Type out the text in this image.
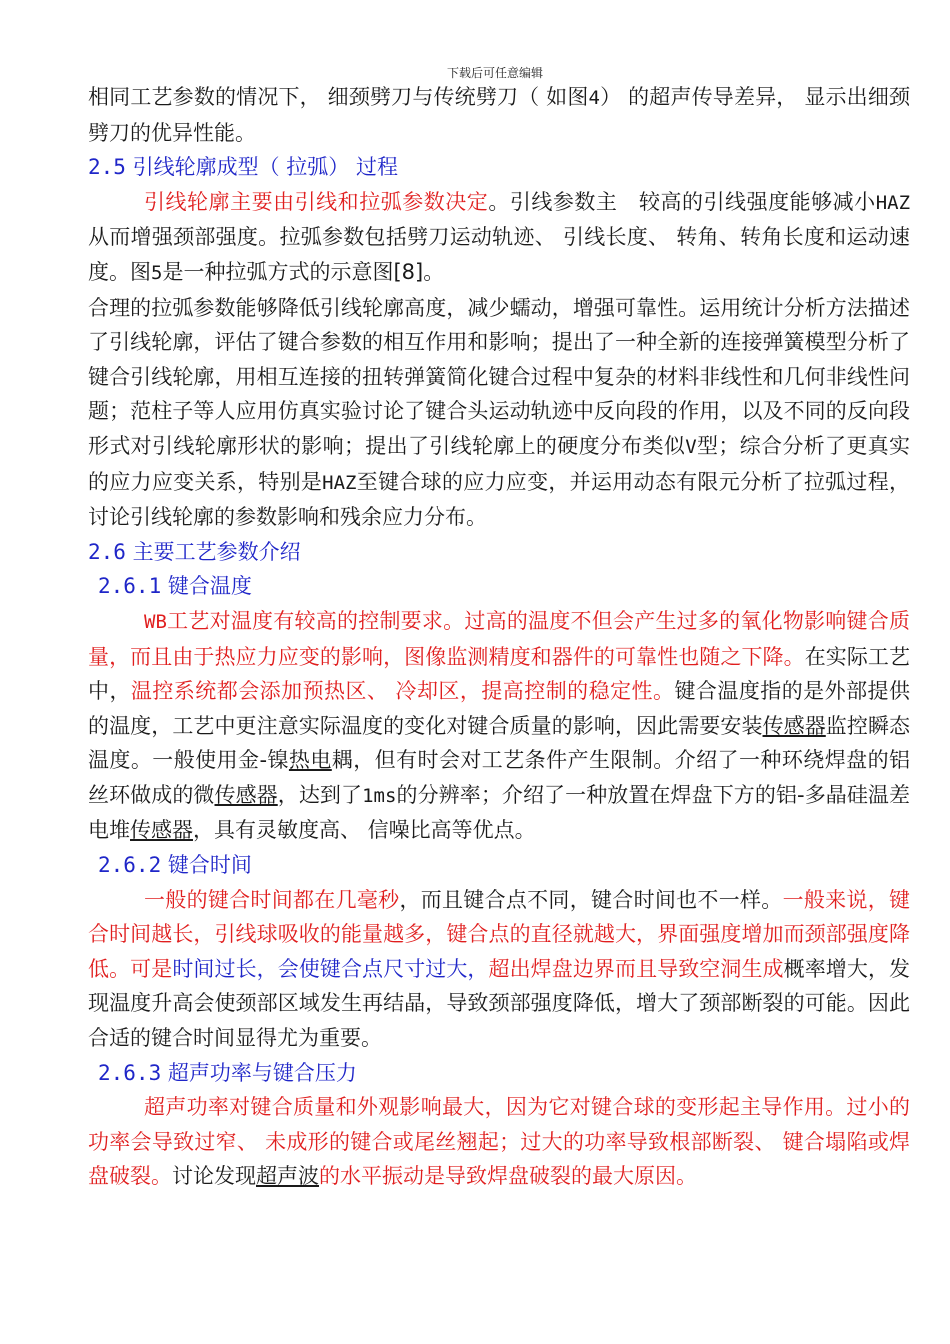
下载后可任意编辑

相同工艺参数的情况下， 细颈劈刀与传统劈刀（ 如图4） 的超声传导差异， 显示出细颈劈刀的优异性能。

2.5 引线轮廓成型（ 拉弧） 过程

引线轮廓主要由引线和拉弧参数决定。引线参数主　较高的引线强度能够减小HAZ从而增强颈部强度。拉弧参数包括劈刀运动轨迹、 引线长度、 转角、转角长度和运动速度。图5是一种拉弧方式的示意图[8]。

合理的拉弧参数能够降低引线轮廓高度，减少蠕动，增强可靠性。运用统计分析方法描述了引线轮廓，评估了键合参数的相互作用和影响；提出了一种全新的连接弹簧模型分析了键合引线轮廓，用相互连接的扭转弹簧简化键合过程中复杂的材料非线性和几何非线性问题；范柱子等人应用仿真实验讨论了键合头运动轨迹中反向段的作用，以及不同的反向段形式对引线轮廓形状的影响；提出了引线轮廓上的硬度分布类似V型；综合分析了更真实的应力应变关系，特别是HAZ至键合球的应力应变，并运用动态有限元分析了拉弧过程，讨论引线轮廓的参数影响和残余应力分布。

2.6 主要工艺参数介绍
2.6.1 键合温度

WB工艺对温度有较高的控制要求。过高的温度不但会产生过多的氧化物影响键合质量，而且由于热应力应变的影响，图像监测精度和器件的可靠性也随之下降。在实际工艺中，温控系统都会添加预热区、 冷却区，提高控制的稳定性。键合温度指的是外部提供的温度，工艺中更注意实际温度的变化对键合质量的影响，因此需要安装传感器监控瞬态温度。一般使用金-镍热电耦，但有时会对工艺条件产生限制。介绍了一种环绕焊盘的铝丝环做成的微传感器，达到了1ms的分辨率；介绍了一种放置在焊盘下方的铝-多晶硅温差电堆传感器，具有灵敏度高、 信噪比高等优点。

2.6.2 键合时间

一般的键合时间都在几毫秒，而且键合点不同，键合时间也不一样。一般来说，键合时间越长，引线球吸收的能量越多，键合点的直径就越大，界面强度增加而颈部强度降低。可是时间过长，会使键合点尺寸过大，超出焊盘边界而且导致空洞生成概率增大，发现温度升高会使颈部区域发生再结晶，导致颈部强度降低，增大了颈部断裂的可能。因此合适的键合时间显得尤为重要。

2.6.3 超声功率与键合压力

超声功率对键合质量和外观影响最大，因为它对键合球的变形起主导作用。过小的功率会导致过窄、 未成形的键合或尾丝翘起；过大的功率导致根部断裂、 键合塌陷或焊盘破裂。讨论发现超声波的水平振动是导致焊盘破裂的最大原因。
